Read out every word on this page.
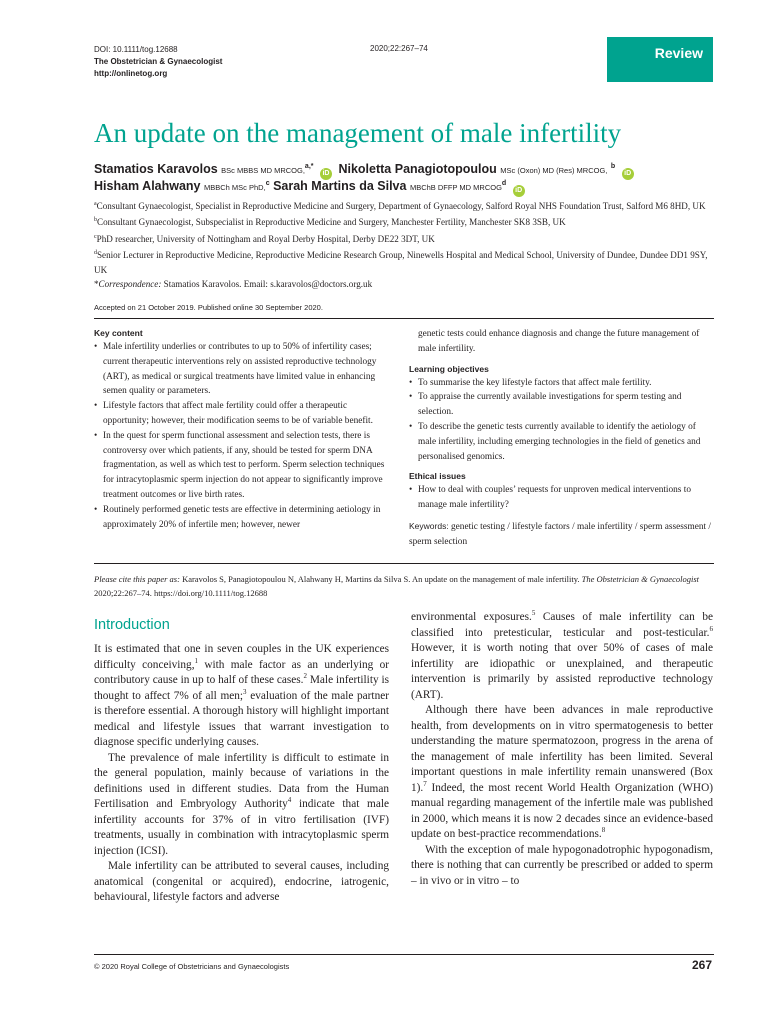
DOI: 10.1111/tog.12688
The Obstetrician & Gynaecologist
http://onlinetog.org
2020;22:267–74	Review
An update on the management of male infertility
Stamatios Karavolos BSc MBBS MD MRCOG,$^{a,*}$ iD Nikoletta Panagiotopoulou MSc (Oxon) MD (Res) MRCOG, $^b$ iD
Hisham Alahwany MBBCh MSc PhD,$^c$ Sarah Martins da Silva MBChB DFFP MD MRCOG$^d$ iD

$^a$Consultant Gynaecologist, Specialist in Reproductive Medicine and Surgery, Department of Gynaecology, Salford Royal NHS Foundation Trust, Salford M6 8HD, UK

$^b$Consultant Gynaecologist, Subspecialist in Reproductive Medicine and Surgery, Manchester Fertility, Manchester SK8 3SB, UK

$^c$PhD researcher, University of Nottingham and Royal Derby Hospital, Derby DE22 3DT, UK

$^d$Senior Lecturer in Reproductive Medicine, Reproductive Medicine Research Group, Ninewells Hospital and Medical School, University of Dundee, Dundee DD1 9SY, UK

*Correspondence: Stamatios Karavolos. Email: s.karavolos@doctors.org.uk

Accepted on 21 October 2019. Published online 30 September 2020.

Key content

• Male infertility underlies or contributes to up to 50% of infertility cases; current therapeutic interventions rely on assisted reproductive technology (ART), as medical or surgical treatments have limited value in enhancing semen quality or parameters.
• Lifestyle factors that affect male fertility could offer a therapeutic opportunity; however, their modification seems to be of variable benefit.
• In the quest for sperm functional assessment and selection tests, there is controversy over which patients, if any, should be tested for sperm DNA fragmentation, as well as which test to perform. Sperm selection techniques for intracytoplasmic sperm injection do not appear to significantly improve treatment outcomes or live birth rates.
• Routinely performed genetic tests are effective in determining aetiology in approximately 20% of infertile men; however, newer

genetic tests could enhance diagnosis and change the future management of male infertility.

Learning objectives

• To summarise the key lifestyle factors that affect male fertility.
• To appraise the currently available investigations for sperm testing and selection.
• To describe the genetic tests currently available to identify the aetiology of male infertility, including emerging technologies in the field of genetics and personalised genomics.

Ethical issues

• How to deal with couples’ requests for unproven medical interventions to manage male infertility?

Keywords: genetic testing / lifestyle factors / male infertility / sperm assessment / sperm selection

Please cite this paper as: Karavolos S, Panagiotopoulou N, Alahwany H, Martins da Silva S. An update on the management of male infertility. The Obstetrician & Gynaecologist 2020;22:267–74. https://doi.org/10.1111/tog.12688
Introduction

It is estimated that one in seven couples in the UK experiences difficulty conceiving,$^1$ with male factor as an underlying or contributory cause in up to half of these cases.$^2$ Male infertility is thought to affect 7% of all men;$^3$ evaluation of the male partner is therefore essential. A thorough history will highlight important medical and lifestyle issues that warrant investigation to diagnose specific underlying causes.

The prevalence of male infertility is difficult to estimate in the general population, mainly because of variations in the definitions used in different studies. Data from the Human Fertilisation and Embryology Authority$^4$ indicate that male infertility accounts for 37% of in vitro fertilisation (IVF) treatments, usually in combination with intracytoplasmic sperm injection (ICSI).

Male infertility can be attributed to several causes, including anatomical (congenital or acquired), endocrine, iatrogenic, behavioural, lifestyle factors and adverse

environmental exposures.$^5$ Causes of male infertility can be classified into pretesticular, testicular and post-testicular.$^6$ However, it is worth noting that over 50% of cases of male infertility are idiopathic or unexplained, and therapeutic intervention is primarily by assisted reproductive technology (ART).

Although there have been advances in male reproductive health, from developments on in vitro spermatogenesis to better understanding the mature spermatozoon, progress in the arena of the management of male infertility has been limited. Several important questions in male infertility remain unanswered (Box 1).$^7$ Indeed, the most recent World Health Organization (WHO) manual regarding management of the infertile male was published in 2000, which means it is now 2 decades since an evidence-based update on best-practice recommendations.$^8$

With the exception of male hypogonadotrophic hypogonadism, there is nothing that can currently be prescribed or added to sperm – in vivo or in vitro – to

© 2020 Royal College of Obstetricians and Gynaecologists	267
